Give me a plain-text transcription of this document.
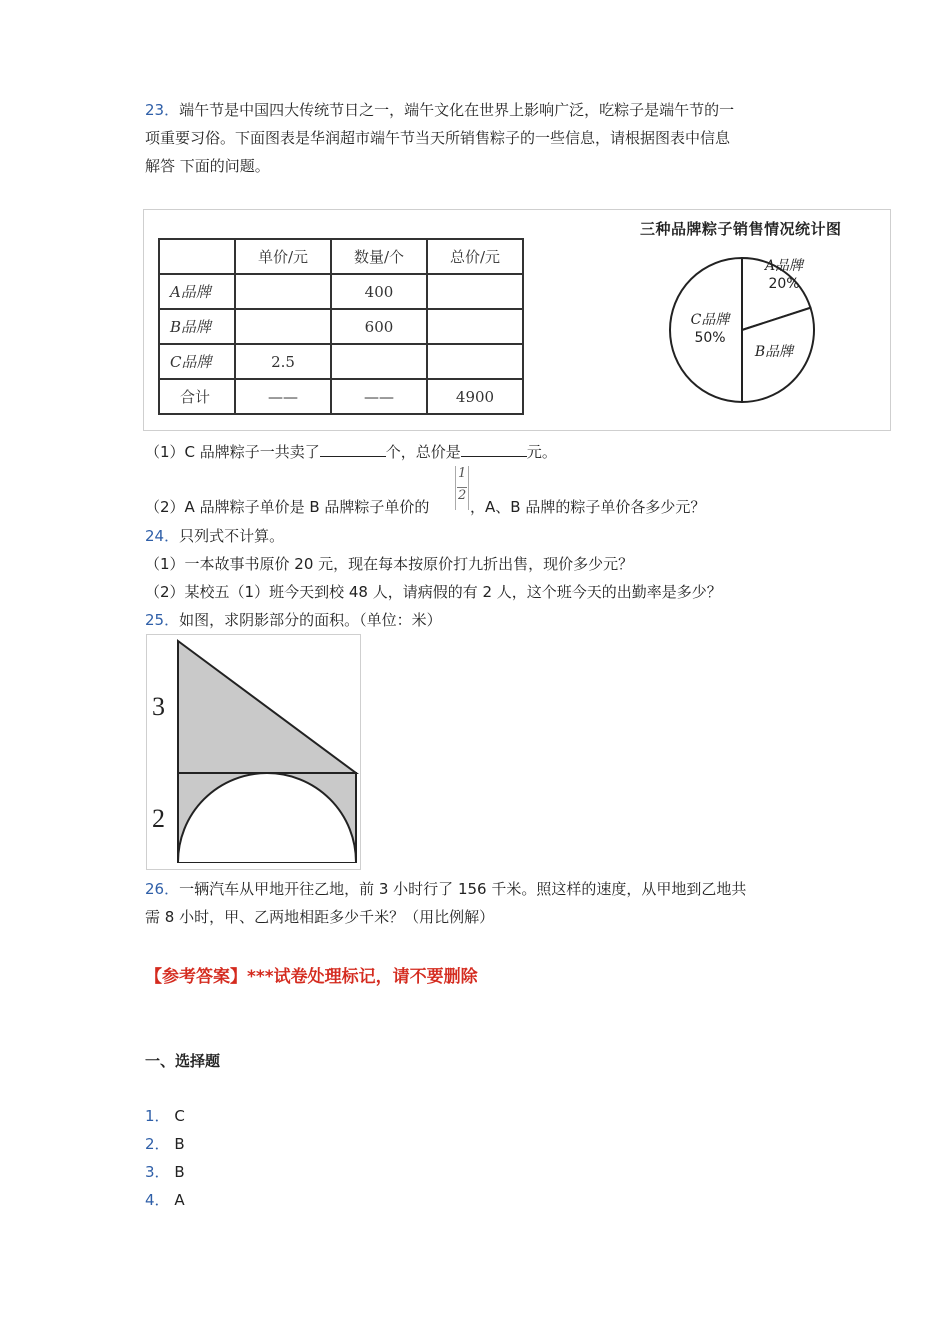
23．端午节是中国四大传统节日之一，端午文化在世界上影响广泛，吃粽子是端午节的一
项重要习俗。下面图表是华润超市端午节当天所销售粽子的一些信息，请根据图表中信息
解答 下面的问题。
	单价/元	数量/个	总价/元
A品牌		400	
B品牌		600	
C品牌	2.5		
合计	——	——	4900
三种品牌粽子销售情况统计图
A品牌
20%
B品牌
C品牌
50%
（1）C 品牌粽子一共卖了	个，总价是	元。
（2）A 品牌粽子单价是 B 品牌粽子单价的
1
2
，A、B 品牌的粽子单价各多少元？
24．只列式不计算。
（1）一本故事书原价 20 元，现在每本按原价打九折出售，现价多少元？
（2）某校五（1）班今天到校 48 人，请病假的有 2 人，这个班今天的出勤率是多少？
25．如图，求阴影部分的面积。（单位：米）
3
2
26．一辆汽车从甲地开往乙地，前 3 小时行了 156 千米。照这样的速度，从甲地到乙地共
需 8 小时，甲、乙两地相距多少千米？（用比例解）
【参考答案】***试卷处理标记，请不要删除
一、选择题
1． C
2． B
3． B
4． A
